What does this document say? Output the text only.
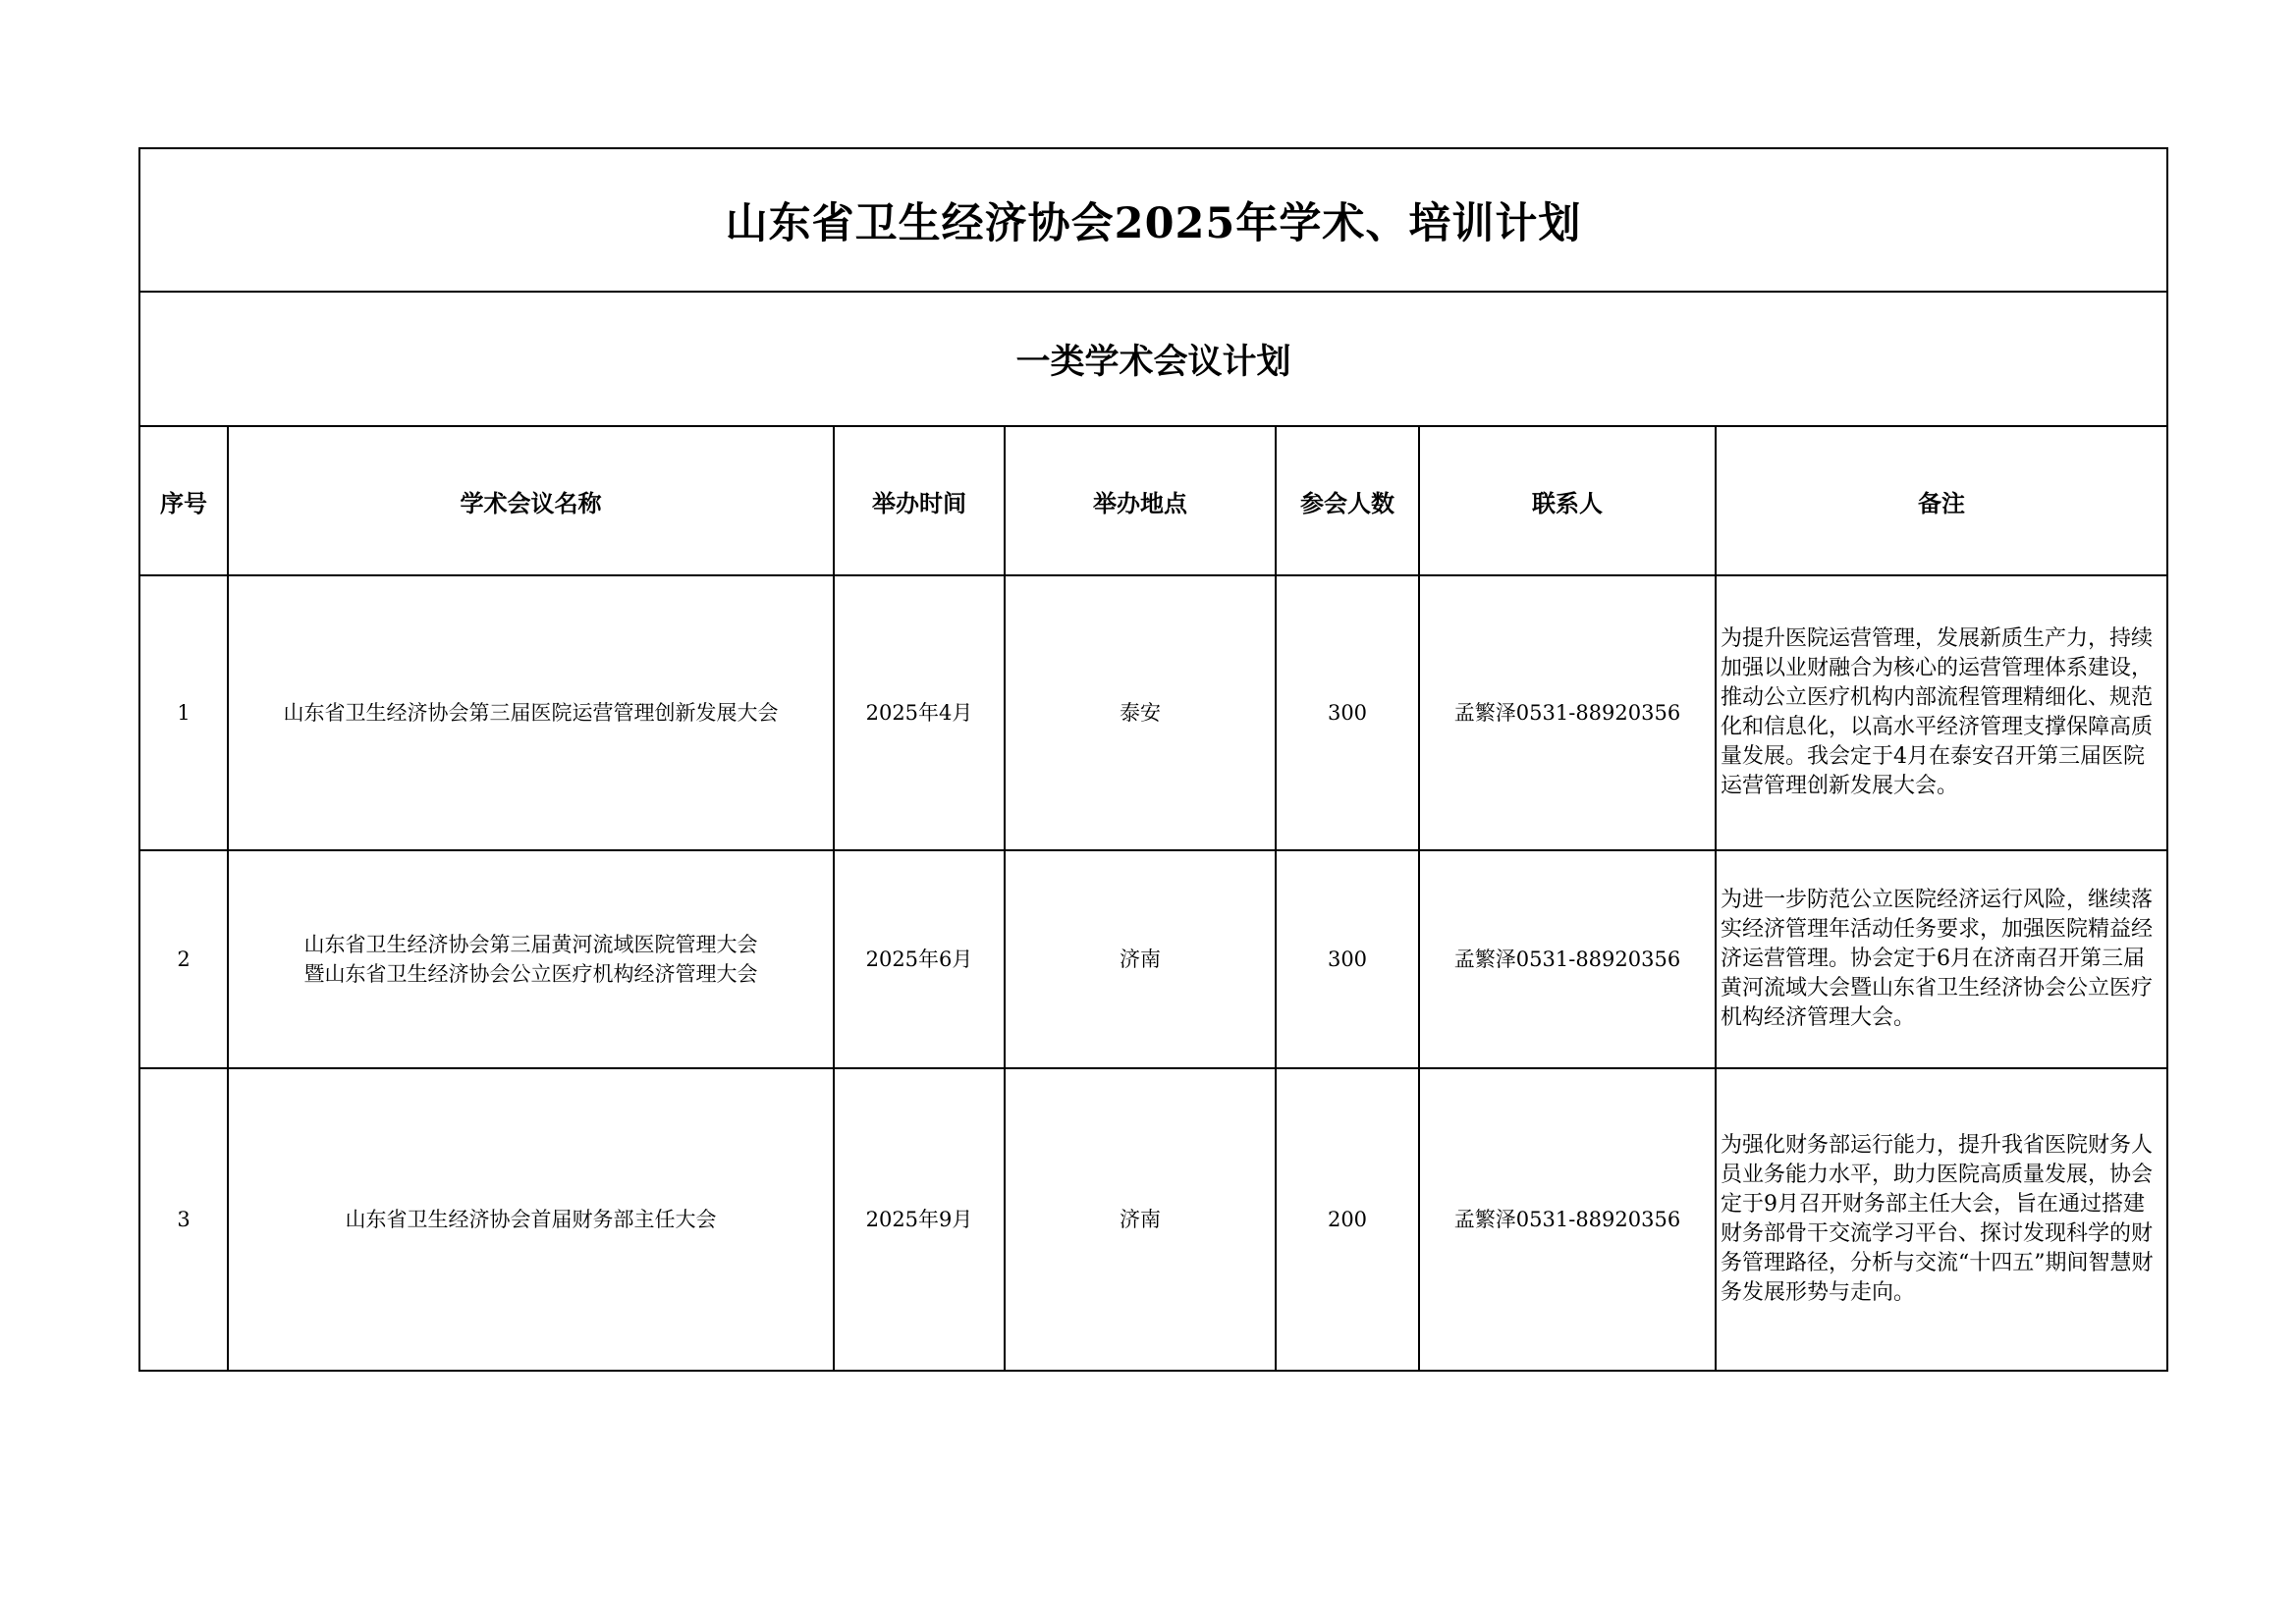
山东省卫生经济协会2025年学术、培训计划						
一类学术会议计划						
序号	学术会议名称	举办时间	举办地点	参会人数	联系人	备注
1	山东省卫生经济协会第三届医院运营管理创新发展大会	2025年4月	泰安	300	孟繁泽0531-88920356	为提升医院运营管理，发展新质生产力，持续加强以业财融合为核心的运营管理体系建设，推动公立医疗机构内部流程管理精细化、规范化和信息化，以高水平经济管理支撑保障高质量发展。我会定于4月在泰安召开第三届医院运营管理创新发展大会。
2	山东省卫生经济协会第三届黄河流域医院管理大会
暨山东省卫生经济协会公立医疗机构经济管理大会	2025年6月	济南	300	孟繁泽0531-88920356	为进一步防范公立医院经济运行风险，继续落实经济管理年活动任务要求，加强医院精益经济运营管理。协会定于6月在济南召开第三届黄河流域大会暨山东省卫生经济协会公立医疗机构经济管理大会。
3	山东省卫生经济协会首届财务部主任大会	2025年9月	济南	200	孟繁泽0531-88920356	为强化财务部运行能力，提升我省医院财务人员业务能力水平，助力医院高质量发展，协会定于9月召开财务部主任大会，旨在通过搭建财务部骨干交流学习平台、探讨发现科学的财务管理路径，分析与交流“十四五”期间智慧财务发展形势与走向。
